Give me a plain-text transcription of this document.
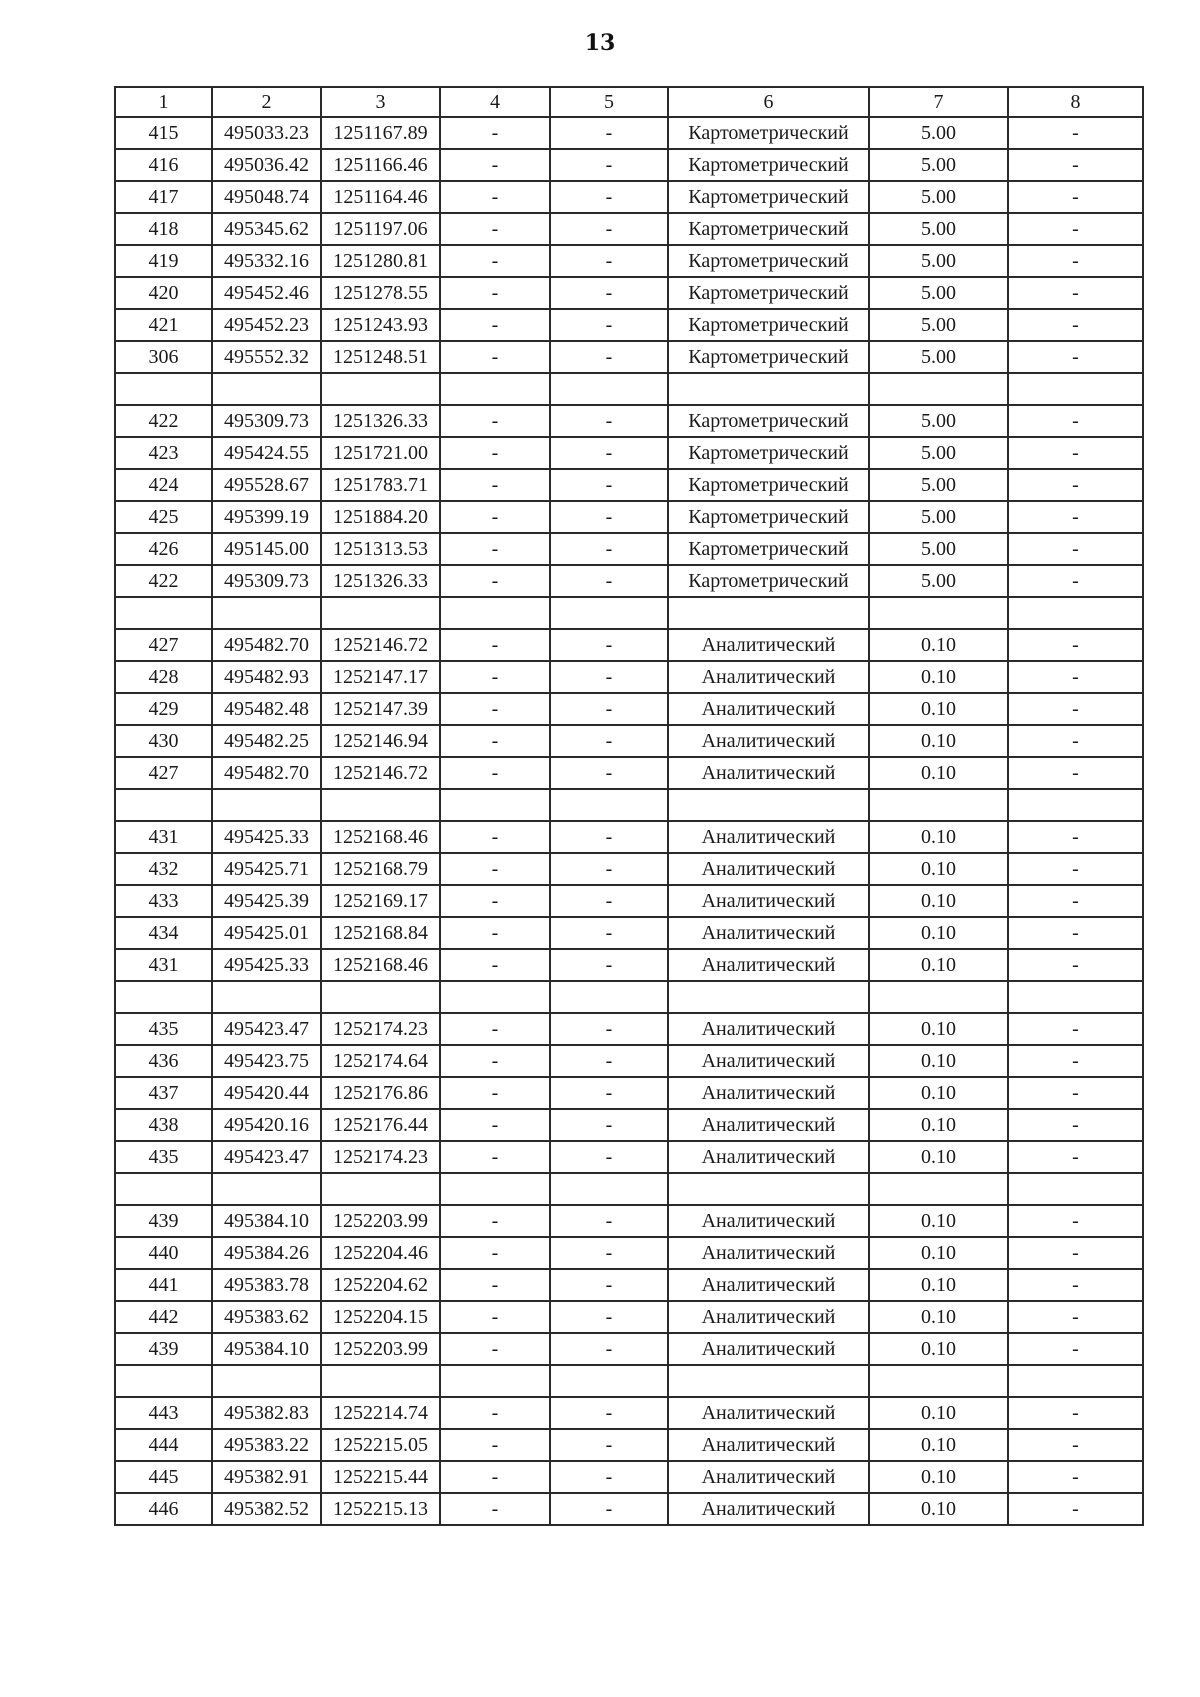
13
1	2	3	4	5	6	7	8
415	495033.23	1251167.89	-	-	Картометрический	5.00	-
416	495036.42	1251166.46	-	-	Картометрический	5.00	-
417	495048.74	1251164.46	-	-	Картометрический	5.00	-
418	495345.62	1251197.06	-	-	Картометрический	5.00	-
419	495332.16	1251280.81	-	-	Картометрический	5.00	-
420	495452.46	1251278.55	-	-	Картометрический	5.00	-
421	495452.23	1251243.93	-	-	Картометрический	5.00	-
306	495552.32	1251248.51	-	-	Картометрический	5.00	-

422	495309.73	1251326.33	-	-	Картометрический	5.00	-
423	495424.55	1251721.00	-	-	Картометрический	5.00	-
424	495528.67	1251783.71	-	-	Картометрический	5.00	-
425	495399.19	1251884.20	-	-	Картометрический	5.00	-
426	495145.00	1251313.53	-	-	Картометрический	5.00	-
422	495309.73	1251326.33	-	-	Картометрический	5.00	-

427	495482.70	1252146.72	-	-	Аналитический	0.10	-
428	495482.93	1252147.17	-	-	Аналитический	0.10	-
429	495482.48	1252147.39	-	-	Аналитический	0.10	-
430	495482.25	1252146.94	-	-	Аналитический	0.10	-
427	495482.70	1252146.72	-	-	Аналитический	0.10	-

431	495425.33	1252168.46	-	-	Аналитический	0.10	-
432	495425.71	1252168.79	-	-	Аналитический	0.10	-
433	495425.39	1252169.17	-	-	Аналитический	0.10	-
434	495425.01	1252168.84	-	-	Аналитический	0.10	-
431	495425.33	1252168.46	-	-	Аналитический	0.10	-

435	495423.47	1252174.23	-	-	Аналитический	0.10	-
436	495423.75	1252174.64	-	-	Аналитический	0.10	-
437	495420.44	1252176.86	-	-	Аналитический	0.10	-
438	495420.16	1252176.44	-	-	Аналитический	0.10	-
435	495423.47	1252174.23	-	-	Аналитический	0.10	-

439	495384.10	1252203.99	-	-	Аналитический	0.10	-
440	495384.26	1252204.46	-	-	Аналитический	0.10	-
441	495383.78	1252204.62	-	-	Аналитический	0.10	-
442	495383.62	1252204.15	-	-	Аналитический	0.10	-
439	495384.10	1252203.99	-	-	Аналитический	0.10	-

443	495382.83	1252214.74	-	-	Аналитический	0.10	-
444	495383.22	1252215.05	-	-	Аналитический	0.10	-
445	495382.91	1252215.44	-	-	Аналитический	0.10	-
446	495382.52	1252215.13	-	-	Аналитический	0.10	-
